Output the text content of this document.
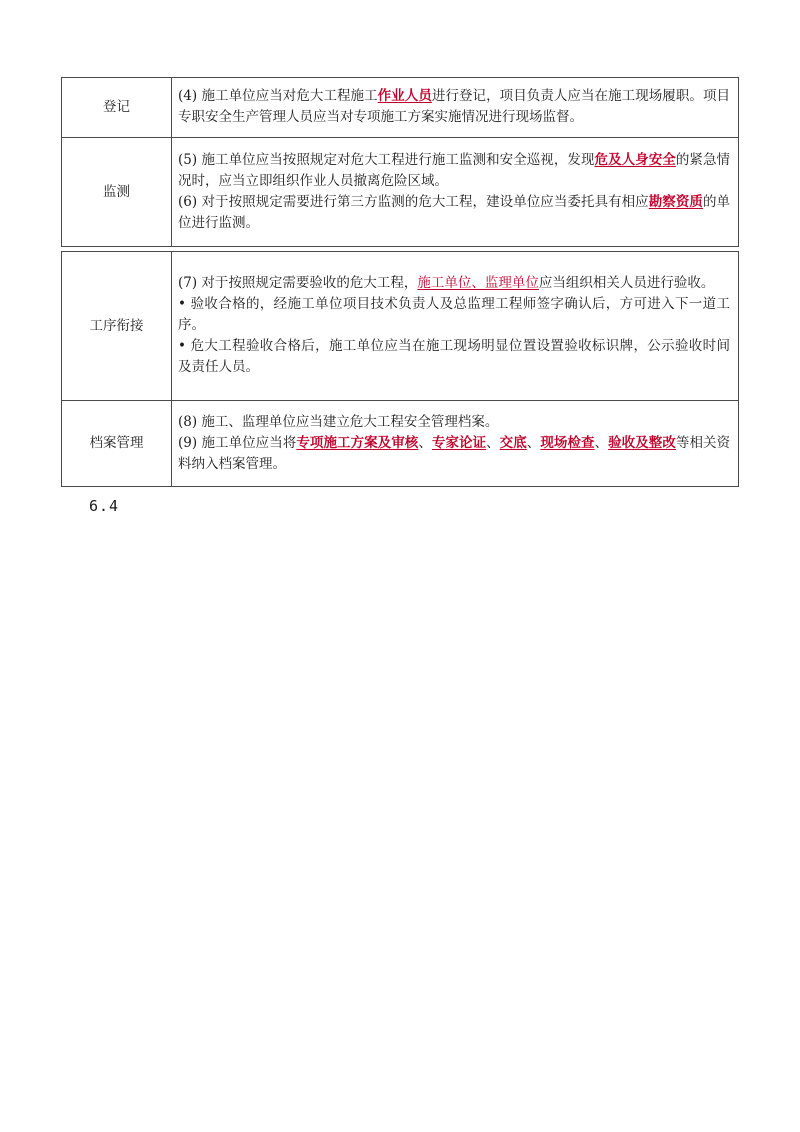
登记	(4) 施工单位应当对危大工程施工作业人员进行登记，项目负责人应当在施工现场履职。项目专职安全生产管理人员应当对专项施工方案实施情况进行现场监督。

监测	(5) 施工单位应当按照规定对危大工程进行施工监测和安全巡视，发现危及人身安全的紧急情况时，应当立即组织作业人员撤离危险区域。
(6) 对于按照规定需要进行第三方监测的危大工程，建设单位应当委托具有相应勘察资质的单位进行监测。
工序衔接	(7) 对于按照规定需要验收的危大工程，施工单位、监理单位应当组织相关人员进行验收。
• 验收合格的，经施工单位项目技术负责人及总监理工程师签字确认后，方可进入下一道工序。
• 危大工程验收合格后，施工单位应当在施工现场明显位置设置验收标识牌，公示验收时间及责任人员。

档案管理	(8) 施工、监理单位应当建立危大工程安全管理档案。
(9) 施工单位应当将专项施工方案及审核、专家论证、交底、现场检查、验收及整改等相关资料纳入档案管理。
6.4
